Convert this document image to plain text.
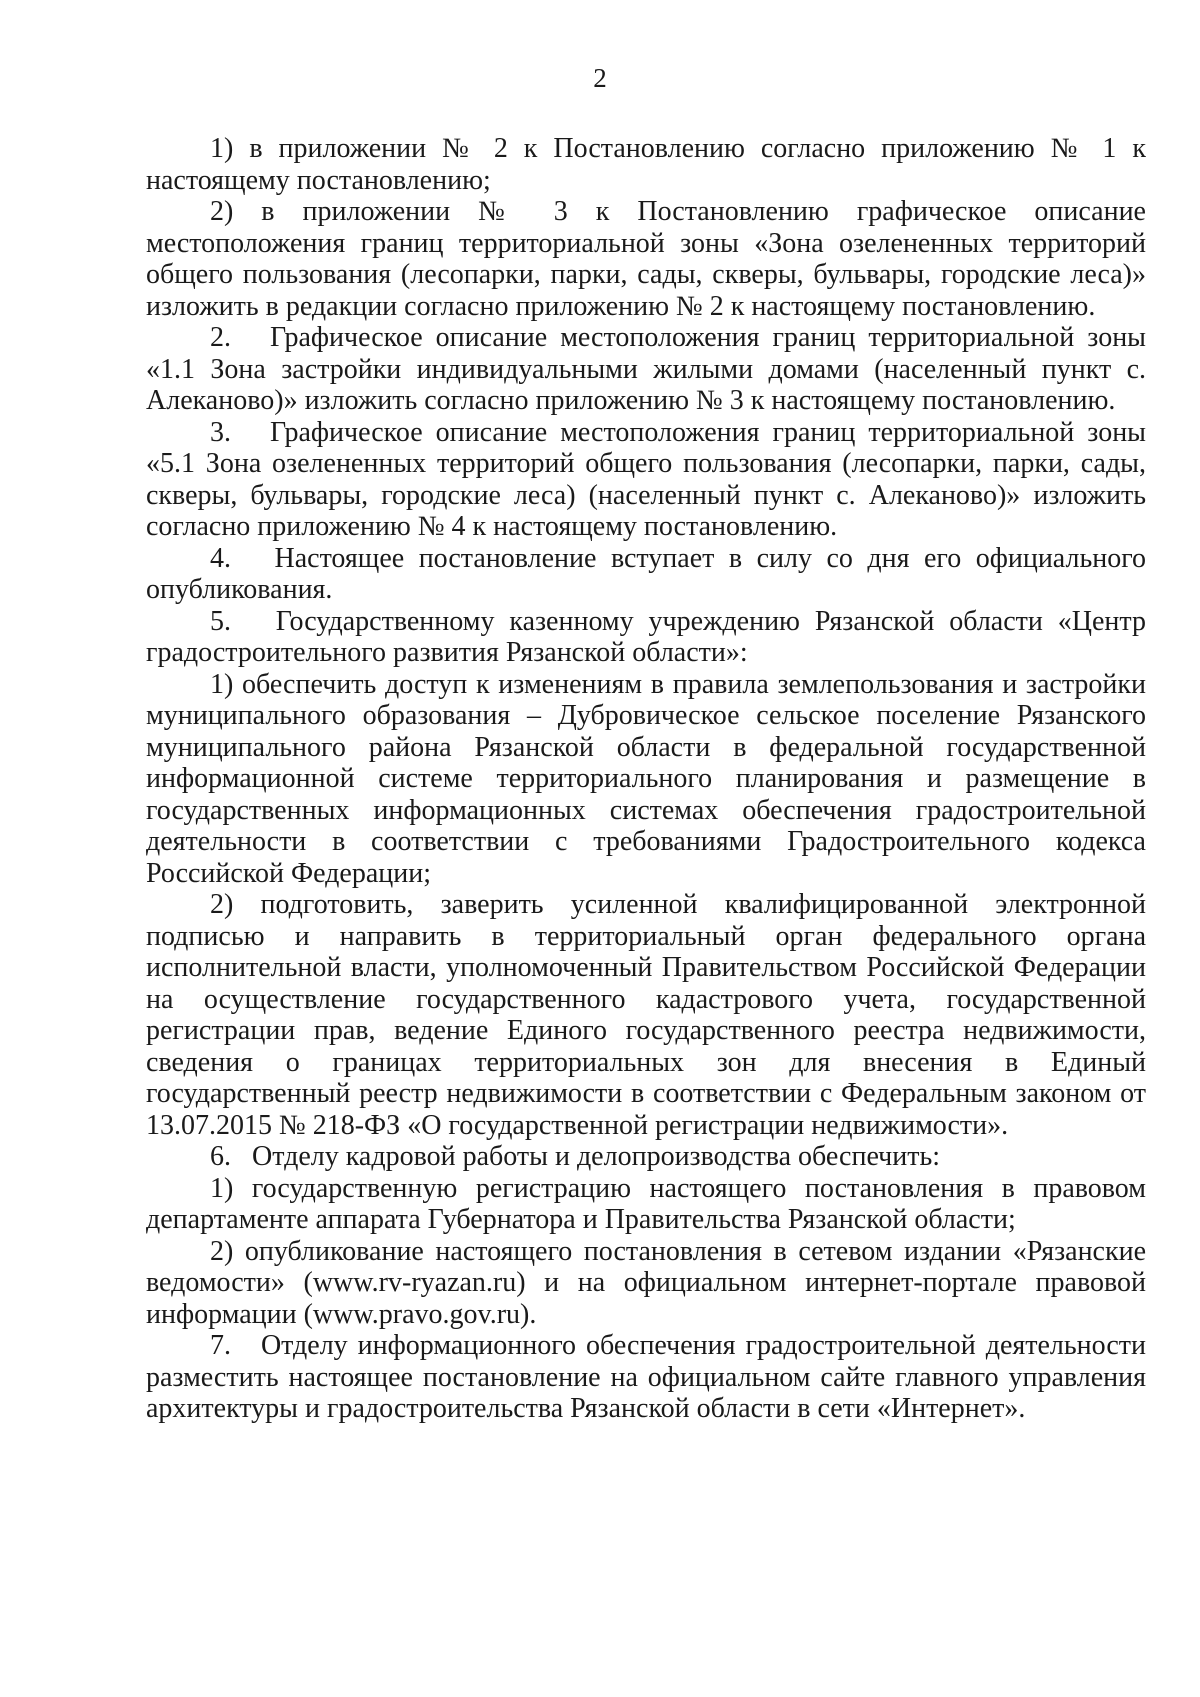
2

1) в приложении № 2 к Постановлению согласно приложению № 1 к настоящему постановлению;

2) в приложении № 3 к Постановлению графическое описание местоположения границ территориальной зоны «Зона озелененных территорий общего пользования (лесопарки, парки, сады, скверы, бульвары, городские леса)» изложить в редакции согласно приложению № 2 к настоящему постановлению.

2.   Графическое описание местоположения границ территориальной зоны «1.1 Зона застройки индивидуальными жилыми домами (населенный пункт с. Алеканово)» изложить согласно приложению № 3 к настоящему постановлению.

3.   Графическое описание местоположения границ территориальной зоны «5.1 Зона озелененных территорий общего пользования (лесопарки, парки, сады, скверы, бульвары, городские леса) (населенный пункт с. Алеканово)» изложить согласно приложению № 4 к настоящему постановлению.

4.   Настоящее постановление вступает в силу со дня его официального опубликования.

5.   Государственному казенному учреждению Рязанской области «Центр градостроительного развития Рязанской области»:

1) обеспечить доступ к изменениям в правила землепользования и застройки муниципального образования – Дубровическое сельское поселение Рязанского муниципального района Рязанской области в федеральной государственной информационной системе территориального планирования и размещение в государственных информационных системах обеспечения градостроительной деятельности в соответствии с требованиями Градостроительного кодекса Российской Федерации;

2) подготовить, заверить усиленной квалифицированной электронной подписью и направить в территориальный орган федерального органа исполнительной власти, уполномоченный Правительством Российской Федерации на осуществление государственного кадастрового учета, государственной регистрации прав, ведение Единого государственного реестра недвижимости, сведения о границах территориальных зон для внесения в Единый государственный реестр недвижимости в соответствии с Федеральным законом от 13.07.2015 № 218-ФЗ «О государственной регистрации недвижимости».

6.   Отделу кадровой работы и делопроизводства обеспечить:

1) государственную регистрацию настоящего постановления в правовом департаменте аппарата Губернатора и Правительства Рязанской области;

2) опубликование настоящего постановления в сетевом издании «Рязанские ведомости» (www.rv-ryazan.ru) и на официальном интернет-портале правовой информации (www.pravo.gov.ru).

7.   Отделу информационного обеспечения градостроительной деятельности разместить настоящее постановление на официальном сайте главного управления архитектуры и градостроительства Рязанской области в сети «Интернет».
